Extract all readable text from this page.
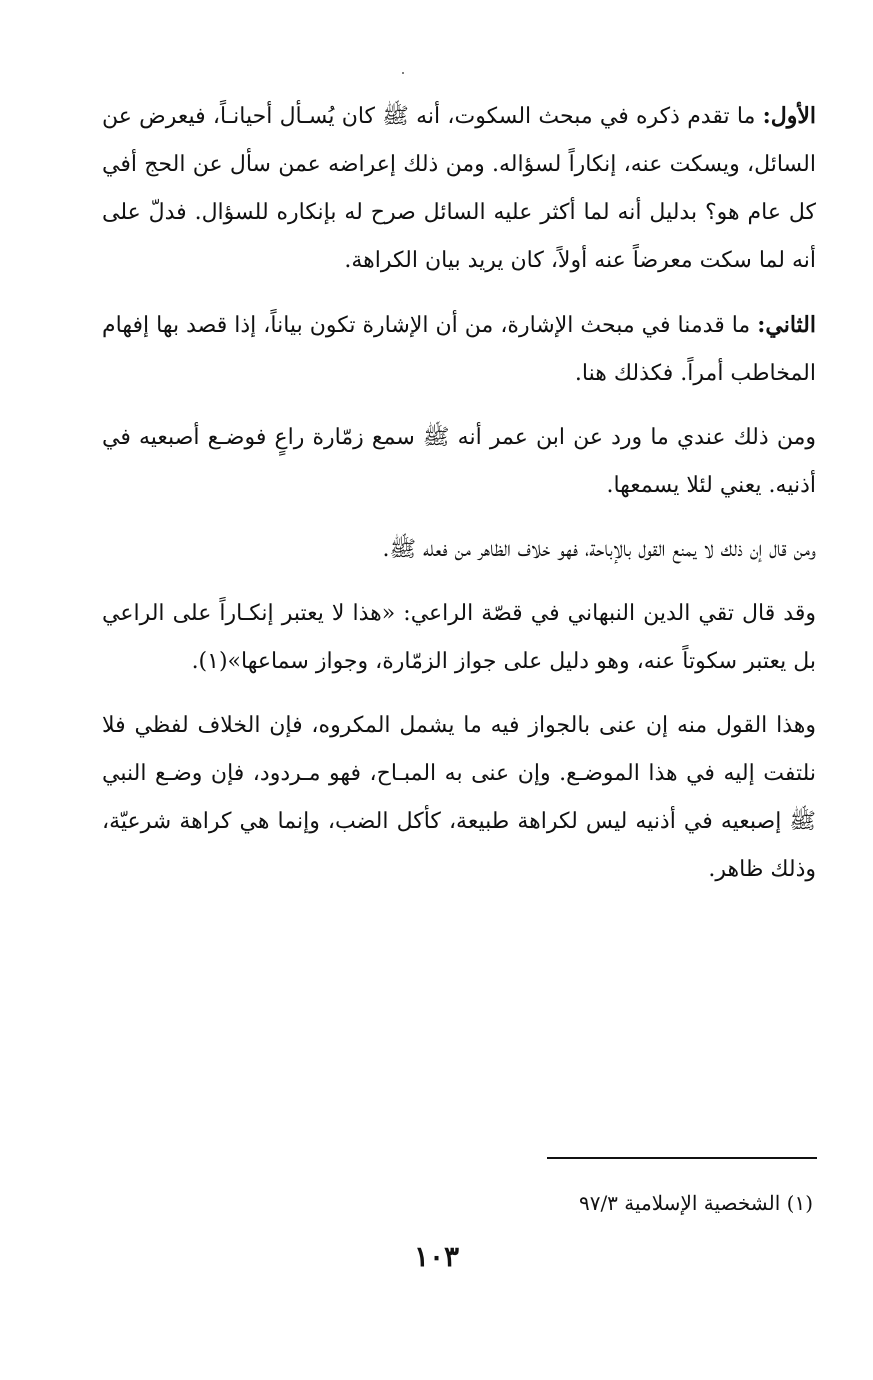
الأول: ما تقدم ذكره في مبحث السكوت، أنه ﷺ كان يُسـأل أحيانـاً، فيعرض عن السائل، ويسكت عنه، إنكاراً لسؤاله. ومن ذلك إعراضه عمن سأل عن الحج أفي كل عام هو؟ بدليل أنه لما أكثر عليه السائل صرح له بإنكاره للسؤال. فدلّ على أنه لما سكت معرضاً عنه أولاً، كان يريد بيان الكراهة.

الثاني: ما قدمنا في مبحث الإشارة، من أن الإشارة تكون بياناً، إذا قصد بها إفهام المخاطب أمراً. فكذلك هنا.

ومن ذلك عندي ما ورد عن ابن عمر أنه ﷺ سمع زمّارة راعٍ فوضـع أصبعيه في أذنيه. يعني لئلا يسمعها.

ومن قال إن ذلك لا يمنع القول بالإباحة، فهو خلاف الظاهر من فعله ﷺ.

وقد قال تقي الدين النبهاني في قصّة الراعي: «هذا لا يعتبر إنكـاراً على الراعي بل يعتبر سكوتاً عنه، وهو دليل على جواز الزمّارة، وجواز سماعها»(١).

وهذا القول منه إن عنى بالجواز فيه ما يشمل المكروه، فإن الخلاف لفظي فلا نلتفت إليه في هذا الموضـع. وإن عنى به المبـاح، فهو مـردود، فإن وضـع النبي ﷺ إصبعيه في أذنيه ليس لكراهة طبيعة، كأكل الضب، وإنما هي كراهة شرعيّة، وذلك ظاهر.

(١) الشخصية الإسلامية ٩٧/٣
١٠٣
